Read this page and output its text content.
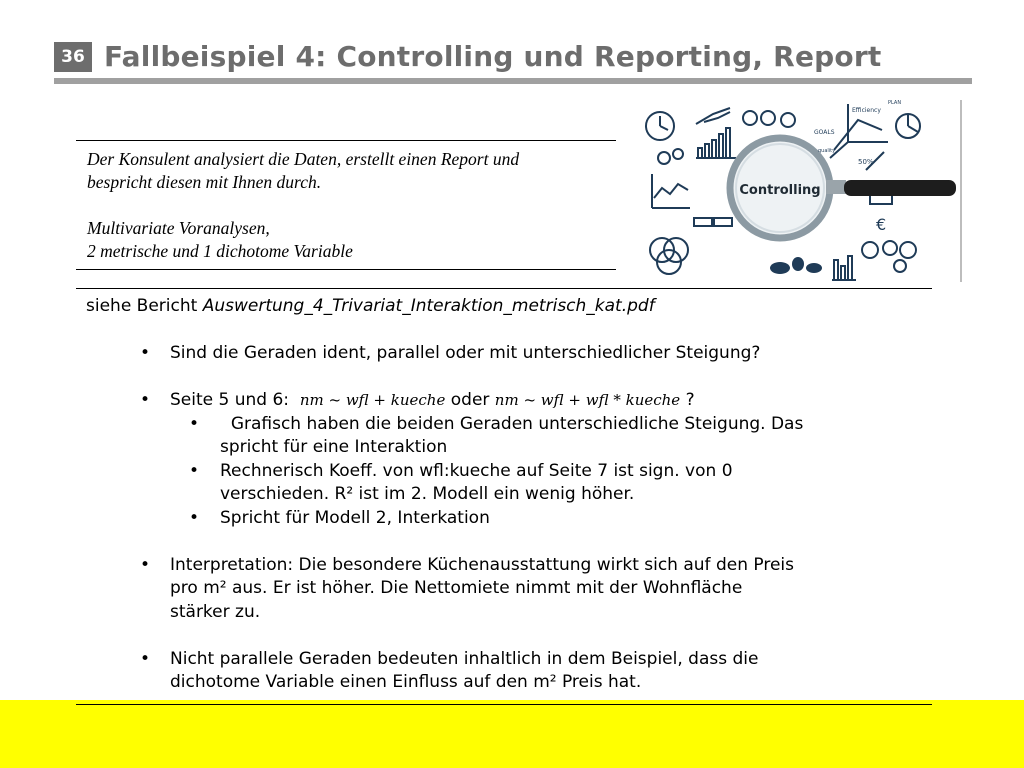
36 Fallbeispiel 4: Controlling und Reporting, Report

Der Konsulent analysiert die Daten, erstellt einen Report und

bespricht diesen mit Ihnen durch.

Multivariate Voranalysen,

2 metrische und 1 dichotome Variable

€
Controlling
Efficiency
GOALS
quality
50%
PLAN
siehe Bericht Auswertung_4_Trivariat_Interaktion_metrisch_kat.pdf
• Sind die Geraden ident, parallel oder mit unterschiedlicher Steigung?
• Seite 5 und 6: nm ~ wfl + kueche oder nm ~ wfl + wfl * kueche ?
• Grafisch haben die beiden Geraden unterschiedliche Steigung. Das
spricht für eine Interaktion
• Rechnerisch Koeff. von wfl:kueche auf Seite 7 ist sign. von 0
verschieden. R² ist im 2. Modell ein wenig höher.
• Spricht für Modell 2, Interkation
• Interpretation: Die besondere Küchenausstattung wirkt sich auf den Preis
pro m² aus. Er ist höher. Die Nettomiete nimmt mit der Wohnfläche
stärker zu.
• Nicht parallele Geraden bedeuten inhaltlich in dem Beispiel, dass die
dichotome Variable einen Einfluss auf den m² Preis hat.
